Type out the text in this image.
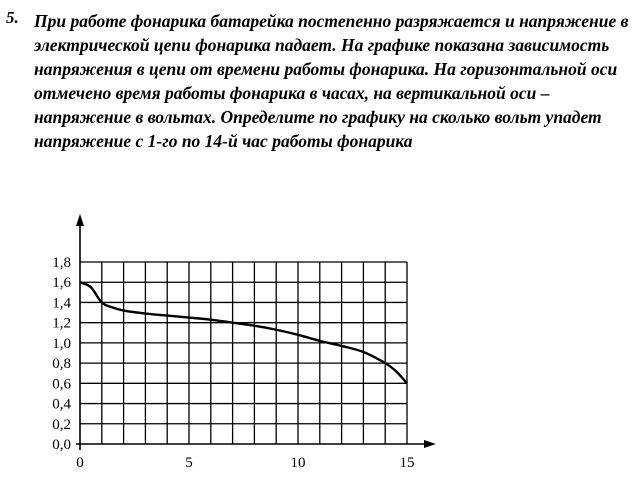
5. При работе фонарика батарейка постепенно разряжается и напряжение в электрической цепи фонарика падает. На графике показана зависимость напряжения в цепи от времени работы фонарика. На горизонтальной оси отмечено время работы фонарика в часах, на вертикальной оси – напряжение в вольтах. Определите по графику на сколько вольт упадет напряжение с 1-го по 14-й час работы фонарика

0,0
0,2
0,4
0,6
0,8
1,0
1,2
1,4
1,6
1,8
0	5	10	15
